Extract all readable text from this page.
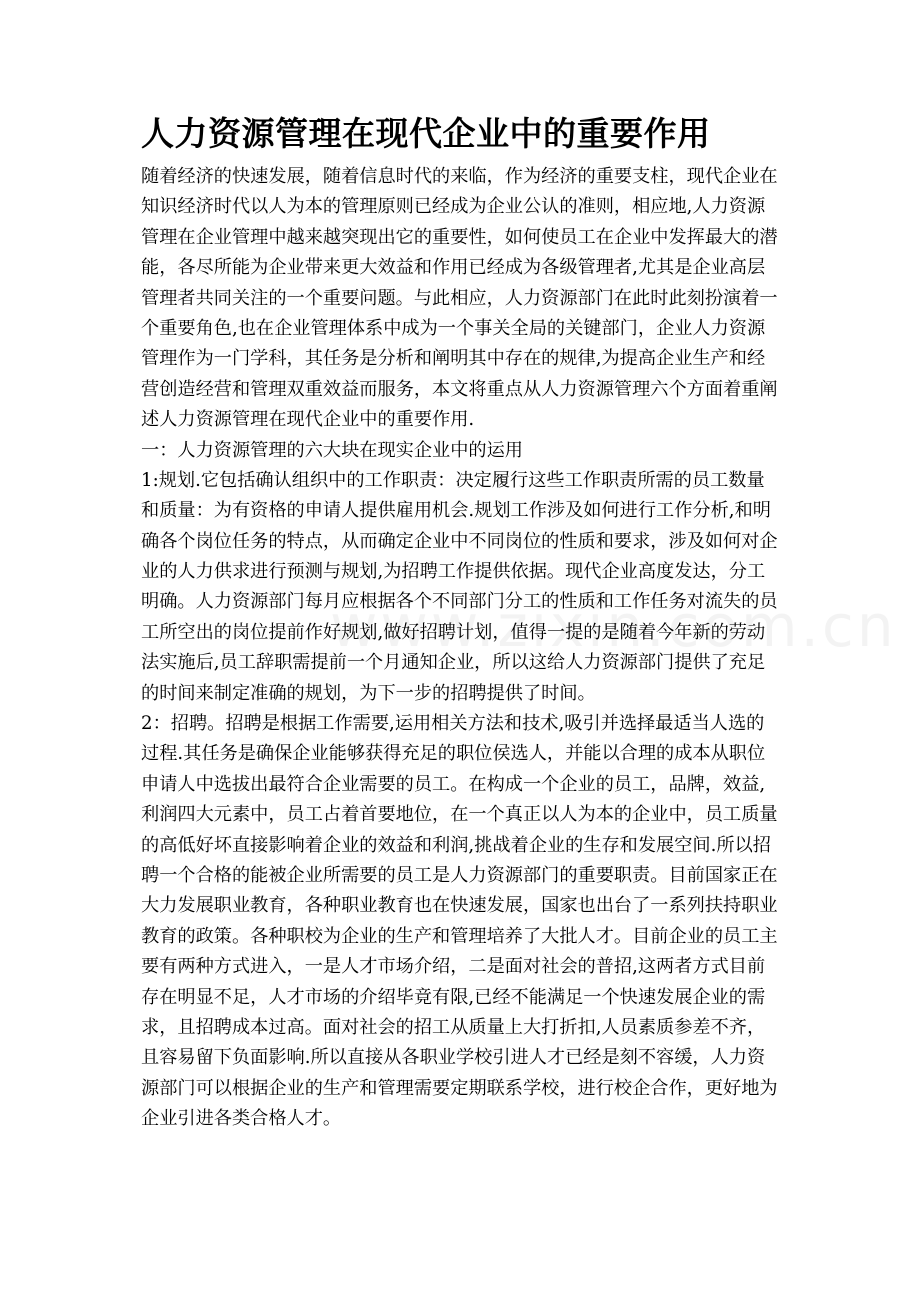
人力资源管理在现代企业中的重要作用
随着经济的快速发展，随着信息时代的来临，作为经济的重要支柱，现代企业在
知识经济时代以人为本的管理原则已经成为企业公认的准则，相应地,人力资源
管理在企业管理中越来越突现出它的重要性，如何使员工在企业中发挥最大的潜
能，各尽所能为企业带来更大效益和作用已经成为各级管理者,尤其是企业高层
管理者共同关注的一个重要问题。与此相应，人力资源部门在此时此刻扮演着一
个重要角色,也在企业管理体系中成为一个事关全局的关键部门，企业人力资源
管理作为一门学科，其任务是分析和阐明其中存在的规律,为提高企业生产和经
营创造经营和管理双重效益而服务，本文将重点从人力资源管理六个方面着重阐
述人力资源管理在现代企业中的重要作用.
一：人力资源管理的六大块在现实企业中的运用
1:规划.它包括确认组织中的工作职责：决定履行这些工作职责所需的员工数量
和质量：为有资格的申请人提供雇用机会.规划工作涉及如何进行工作分析,和明
确各个岗位任务的特点，从而确定企业中不同岗位的性质和要求，涉及如何对企
业的人力供求进行预测与规划,为招聘工作提供依据。现代企业高度发达，分工
明确。人力资源部门每月应根据各个不同部门分工的性质和工作任务对流失的员
工所空出的岗位提前作好规划,做好招聘计划，值得一提的是随着今年新的劳动
法实施后,员工辞职需提前一个月通知企业，所以这给人力资源部门提供了充足
的时间来制定准确的规划，为下一步的招聘提供了时间。
2：招聘。招聘是根据工作需要,运用相关方法和技术,吸引并选择最适当人选的
过程.其任务是确保企业能够获得充足的职位侯选人，并能以合理的成本从职位
申请人中选拔出最符合企业需要的员工。在构成一个企业的员工，品牌，效益,
利润四大元素中，员工占着首要地位，在一个真正以人为本的企业中，员工质量
的高低好坏直接影响着企业的效益和利润,挑战着企业的生存和发展空间.所以招
聘一个合格的能被企业所需要的员工是人力资源部门的重要职责。目前国家正在
大力发展职业教育，各种职业教育也在快速发展，国家也出台了一系列扶持职业
教育的政策。各种职校为企业的生产和管理培养了大批人才。目前企业的员工主
要有两种方式进入，一是人才市场介绍，二是面对社会的普招,这两者方式目前
存在明显不足，人才市场的介绍毕竟有限,已经不能满足一个快速发展企业的需
求，且招聘成本过高。面对社会的招工从质量上大打折扣,人员素质参差不齐，
且容易留下负面影响.所以直接从各职业学校引进人才已经是刻不容缓，人力资
源部门可以根据企业的生产和管理需要定期联系学校，进行校企合作，更好地为
企业引进各类合格人才。
